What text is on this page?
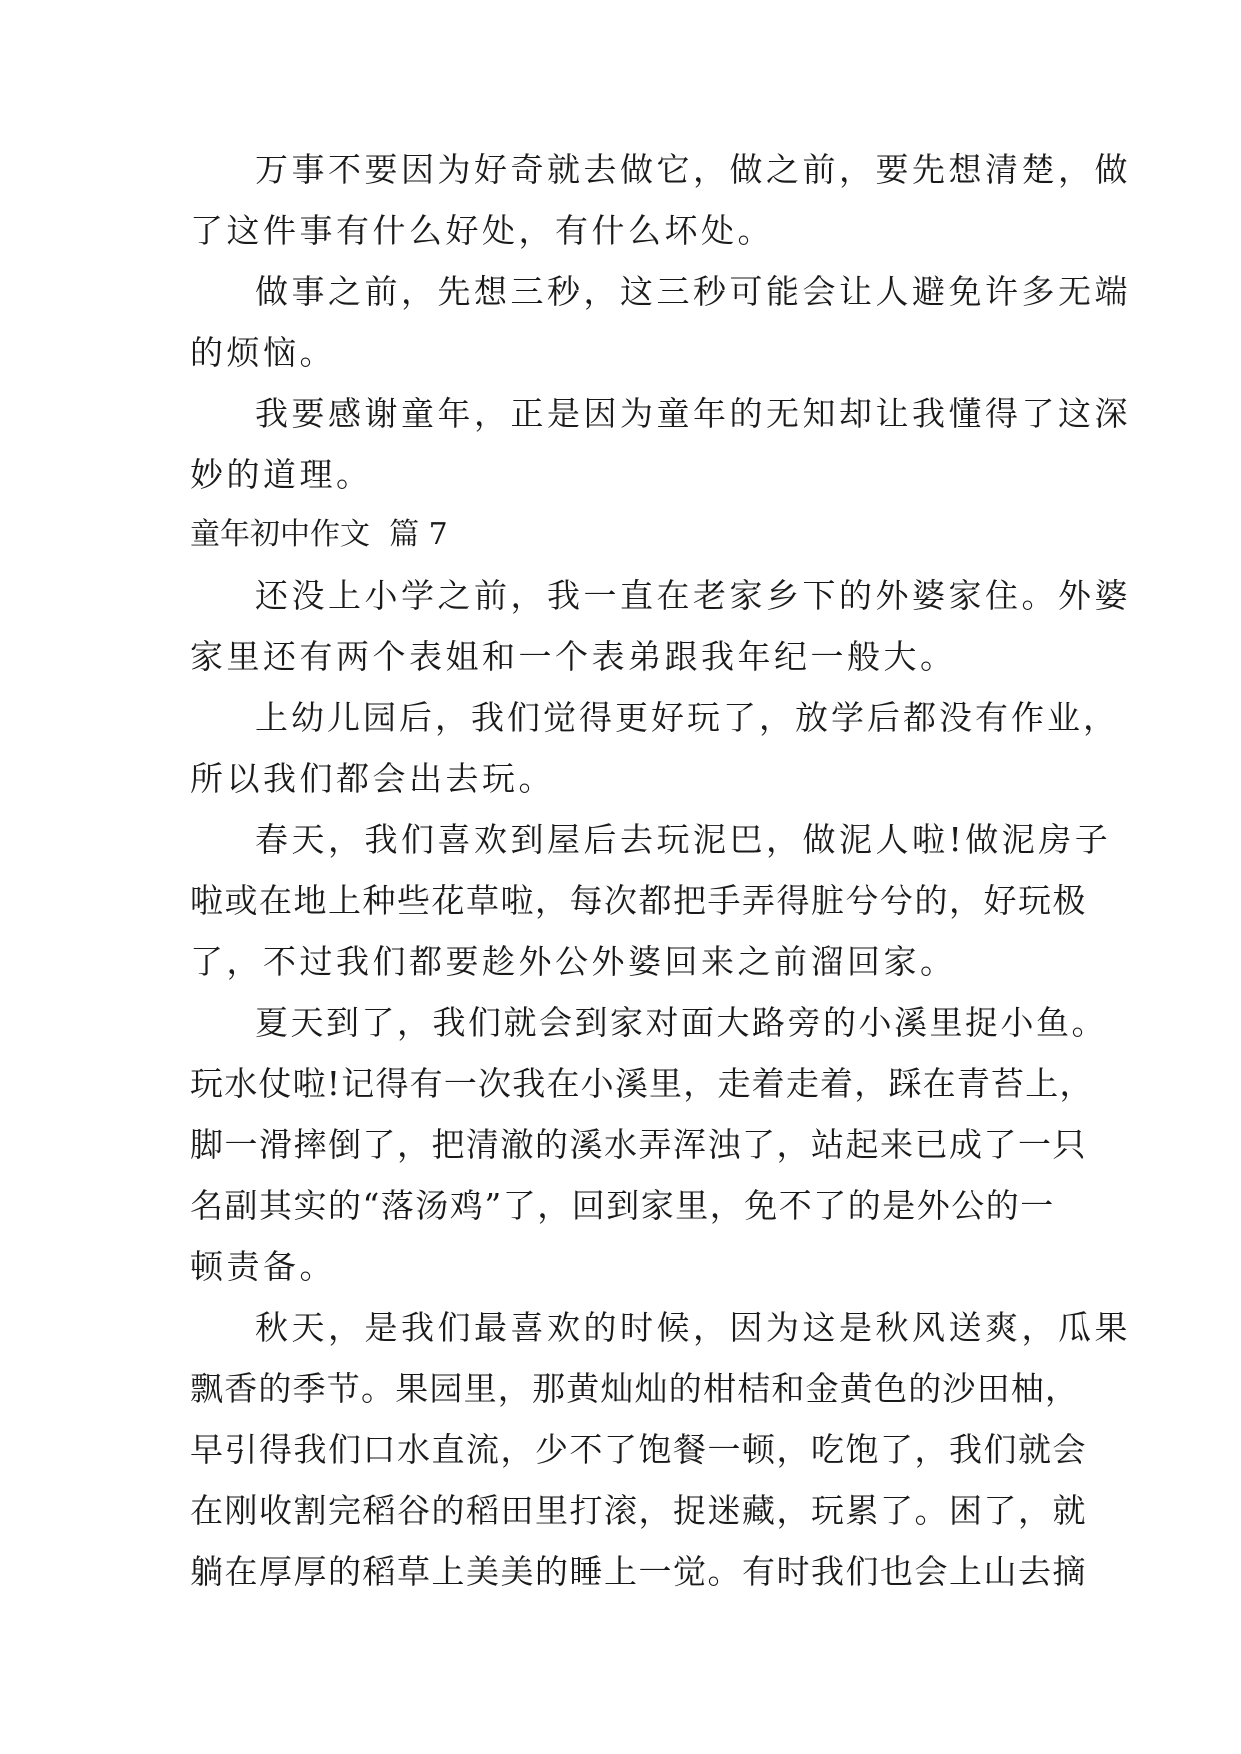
万事不要因为好奇就去做它，做之前，要先想清楚，做
了这件事有什么好处，有什么坏处。
做事之前，先想三秒，这三秒可能会让人避免许多无端
的烦恼。
我要感谢童年，正是因为童年的无知却让我懂得了这深
妙的道理。
童年初中作文  篇 7
还没上小学之前，我一直在老家乡下的外婆家住。外婆
家里还有两个表姐和一个表弟跟我年纪一般大。
上幼儿园后，我们觉得更好玩了，放学后都没有作业，
所以我们都会出去玩。
春天，我们喜欢到屋后去玩泥巴，做泥人啦!做泥房子
啦或在地上种些花草啦，每次都把手弄得脏兮兮的，好玩极
了，不过我们都要趁外公外婆回来之前溜回家。
夏天到了，我们就会到家对面大路旁的小溪里捉小鱼。
玩水仗啦!记得有一次我在小溪里，走着走着，踩在青苔上，
脚一滑摔倒了，把清澈的溪水弄浑浊了，站起来已成了一只
名副其实的“落汤鸡”了，回到家里，免不了的是外公的一
顿责备。
秋天，是我们最喜欢的时候，因为这是秋风送爽，瓜果
飘香的季节。果园里，那黄灿灿的柑桔和金黄色的沙田柚，
早引得我们口水直流，少不了饱餐一顿，吃饱了，我们就会
在刚收割完稻谷的稻田里打滚，捉迷藏，玩累了。困了，就
躺在厚厚的稻草上美美的睡上一觉。有时我们也会上山去摘
